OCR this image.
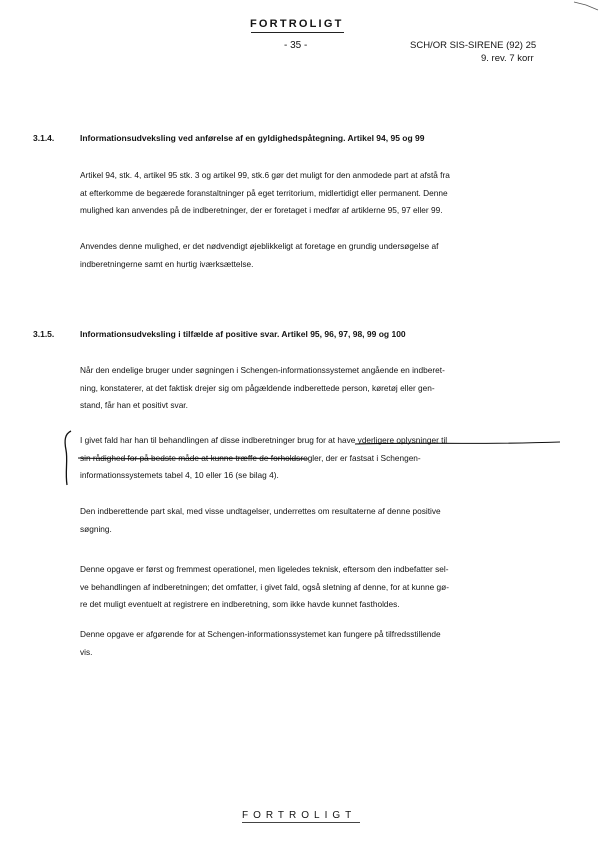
FORTROLIGT
- 35 -	SCH/OR SIS-SIRENE (92) 25
9. rev. 7 korr
3.1.4.	Informationsudveksling ved anførelse af en gyldighedspåtegning. Artikel 94, 95 og 99
Artikel 94, stk. 4, artikel 95 stk. 3 og artikel 99, stk.6 gør det muligt for den anmodede part at afstå fra
at efterkomme de begærede foranstaltninger på eget territorium, midlertidigt eller permanent. Denne
mulighed kan anvendes på de indberetninger, der er foretaget i medfør af artiklerne 95, 97 eller 99.
Anvendes denne mulighed, er det nødvendigt øjeblikkeligt at foretage en grundig undersøgelse af
indberetningerne samt en hurtig iværksættelse.
3.1.5.	Informationsudveksling i tilfælde af positive svar. Artikel 95, 96, 97, 98, 99 og 100
Når den endelige bruger under søgningen i Schengen-informationssystemet angående en indberet-
ning, konstaterer, at det faktisk drejer sig om pågældende indberettede person, køretøj eller gen-
stand, får han et positivt svar.
I givet fald har han til behandlingen af disse indberetninger brug for at have yderligere oplysninger til
sin rådighed for på bedste måde at kunne træffe de forholdsregler, der er fastsat i Schengen-
informationssystemets tabel 4, 10 eller 16 (se bilag 4).
Den indberettende part skal, med visse undtagelser, underrettes om resultaterne af denne positive
søgning.
Denne opgave er først og fremmest operationel, men ligeledes teknisk, eftersom den indbefatter sel-
ve behandlingen af indberetningen; det omfatter, i givet fald, også sletning af denne, for at kunne gø-
re det muligt eventuelt at registrere en indberetning, som ikke havde kunnet fastholdes.
Denne opgave er afgørende for at Schengen-informationssystemet kan fungere på tilfredsstillende
vis.
FORTROLIGT
